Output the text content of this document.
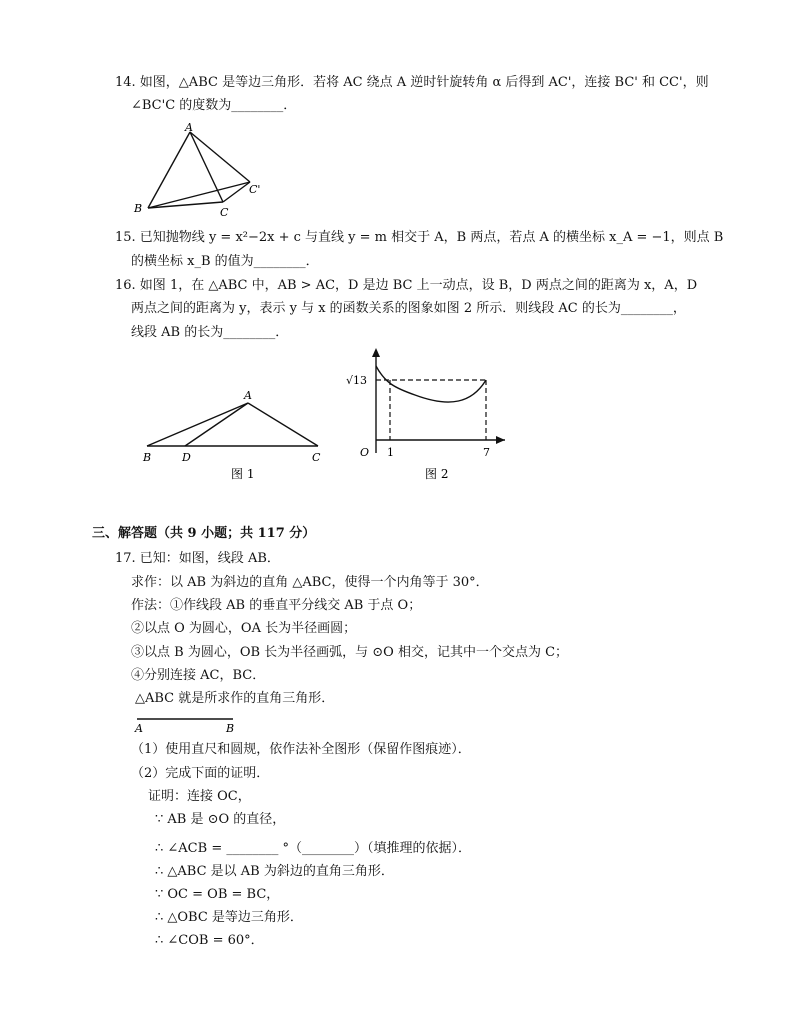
14. 如图，△ABC 是等边三角形．若将 AC 绕点 A 逆时针旋转角 α 后得到 AC'，连接 BC' 和 CC'，则
∠BC'C 的度数为________．
A
B	C
C'
15. 已知抛物线 y = x²−2x + c 与直线 y = m 相交于 A，B 两点，若点 A 的横坐标 x_A = −1，则点 B
的横坐标 x_B 的值为________．
16. 如图 1，在 △ABC 中，AB > AC，D 是边 BC 上一动点，设 B，D 两点之间的距离为 x，A，D
两点之间的距离为 y，表示 y 与 x 的函数关系的图象如图 2 所示．则线段 AC 的长为________，
线段 AB 的长为________．
A
B	D	C
图 1
√13
O 1	7
图 2
三、解答题（共 9 小题；共 117 分）
17. 已知：如图，线段 AB．
求作：以 AB 为斜边的直角 △ABC，使得一个内角等于 30°．
作法：①作线段 AB 的垂直平分线交 AB 于点 O；
②以点 O 为圆心，OA 长为半径画圆；
③以点 B 为圆心，OB 长为半径画弧，与 ⊙O 相交，记其中一个交点为 C；
④分别连接 AC，BC．
△ABC 就是所求作的直角三角形．
A	B
（1）使用直尺和圆规，依作法补全图形（保留作图痕迹）．
（2）完成下面的证明．
证明：连接 OC，
∵ AB 是 ⊙O 的直径，
∴ ∠ACB = ________ °（________）（填推理的依据）．
∴ △ABC 是以 AB 为斜边的直角三角形．
∵ OC = OB = BC，
∴ △OBC 是等边三角形．
∴ ∠COB = 60°．
